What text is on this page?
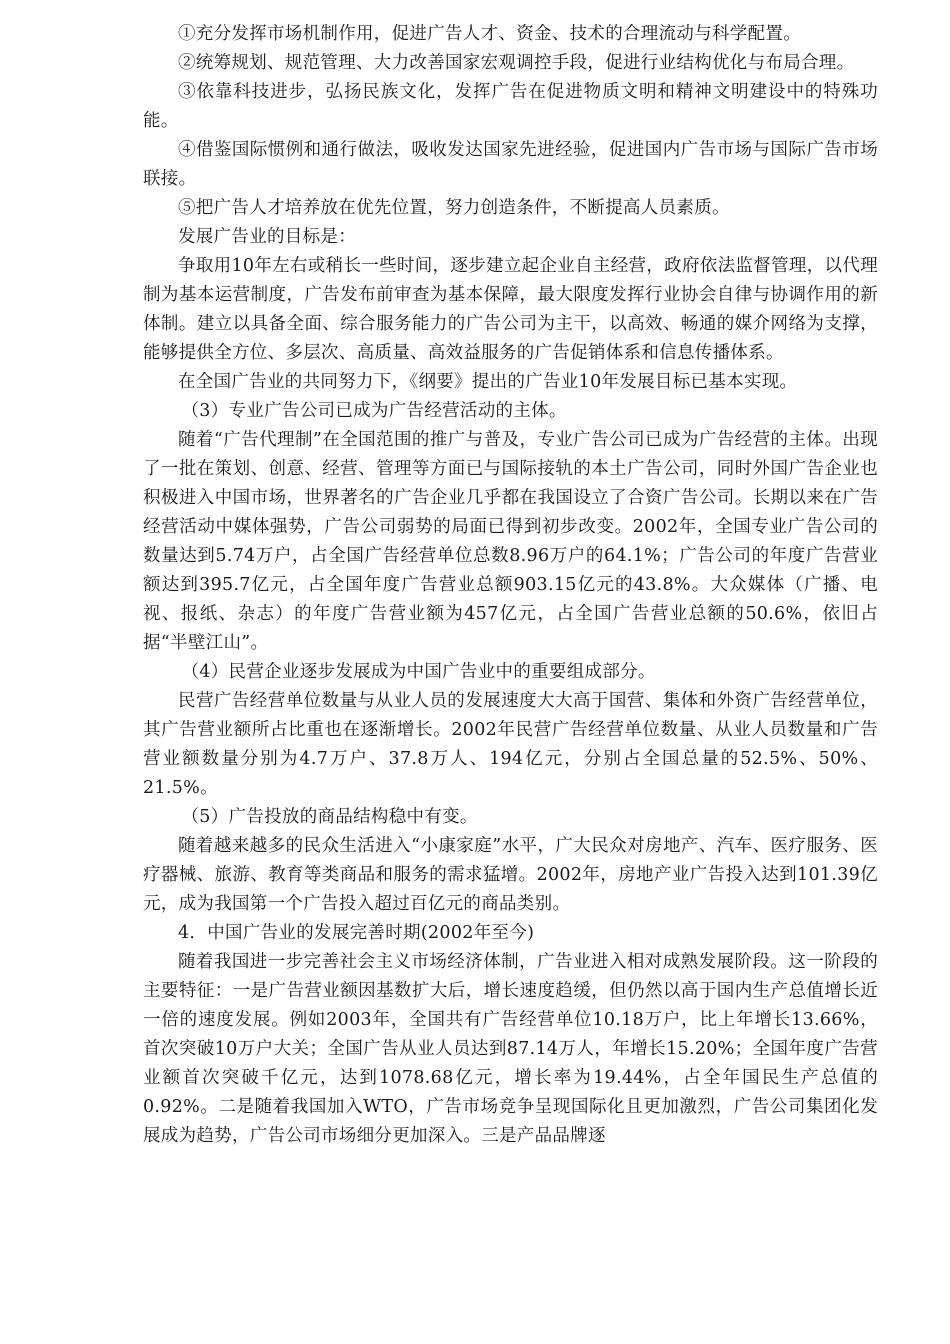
①充分发挥市场机制作用，促进广告人才、资金、技术的合理流动与科学配置。

②统筹规划、规范管理、大力改善国家宏观调控手段，促进行业结构优化与布局合理。

③依靠科技进步，弘扬民族文化，发挥广告在促进物质文明和精神文明建设中的特殊功能。

④借鉴国际惯例和通行做法，吸收发达国家先进经验，促进国内广告市场与国际广告市场联接。

⑤把广告人才培养放在优先位置，努力创造条件，不断提高人员素质。

发展广告业的目标是：

争取用10年左右或稍长一些时间，逐步建立起企业自主经营，政府依法监督管理，以代理制为基本运营制度，广告发布前审查为基本保障，最大限度发挥行业协会自律与协调作用的新体制。建立以具备全面、综合服务能力的广告公司为主干，以高效、畅通的媒介网络为支撑，能够提供全方位、多层次、高质量、高效益服务的广告促销体系和信息传播体系。

在全国广告业的共同努力下，《纲要》提出的广告业10年发展目标已基本实现。

（3）专业广告公司已成为广告经营活动的主体。

随着“广告代理制”在全国范围的推广与普及，专业广告公司已成为广告经营的主体。出现了一批在策划、创意、经营、管理等方面已与国际接轨的本土广告公司，同时外国广告企业也积极进入中国市场，世界著名的广告企业几乎都在我国设立了合资广告公司。长期以来在广告经营活动中媒体强势，广告公司弱势的局面已得到初步改变。2002年，全国专业广告公司的数量达到5.74万户，占全国广告经营单位总数8.96万户的64.1%；广告公司的年度广告营业额达到395.7亿元，占全国年度广告营业总额903.15亿元的43.8%。大众媒体（广播、电视、报纸、杂志）的年度广告营业额为457亿元，占全国广告营业总额的50.6%，依旧占据“半壁江山”。

（4）民营企业逐步发展成为中国广告业中的重要组成部分。

民营广告经营单位数量与从业人员的发展速度大大高于国营、集体和外资广告经营单位，其广告营业额所占比重也在逐渐增长。2002年民营广告经营单位数量、从业人员数量和广告营业额数量分别为4.7万户、37.8万人、194亿元，分别占全国总量的52.5%、50%、21.5%。

（5）广告投放的商品结构稳中有变。

随着越来越多的民众生活进入“小康家庭”水平，广大民众对房地产、汽车、医疗服务、医疗器械、旅游、教育等类商品和服务的需求猛增。2002年，房地产业广告投入达到101.39亿元，成为我国第一个广告投入超过百亿元的商品类别。

4．中国广告业的发展完善时期(2002年至今)

随着我国进一步完善社会主义市场经济体制，广告业进入相对成熟发展阶段。这一阶段的主要特征：一是广告营业额因基数扩大后，增长速度趋缓，但仍然以高于国内生产总值增长近一倍的速度发展。例如2003年，全国共有广告经营单位10.18万户，比上年增长13.66%，首次突破10万户大关；全国广告从业人员达到87.14万人，年增长15.20%；全国年度广告营业额首次突破千亿元，达到1078.68亿元，增长率为19.44%，占全年国民生产总值的0.92%。二是随着我国加入WTO，广告市场竞争呈现国际化且更加激烈，广告公司集团化发展成为趋势，广告公司市场细分更加深入。三是产品品牌逐
